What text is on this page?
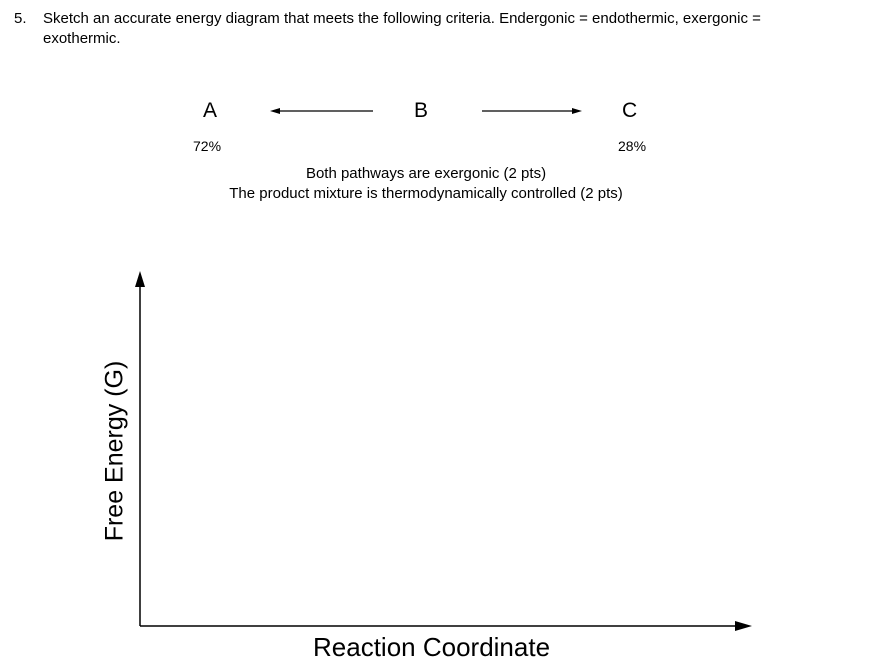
5. Sketch an accurate energy diagram that meets the following criteria. Endergonic = endothermic, exergonic =
exothermic.
A	B	C
72%	28%
Both pathways are exergonic (2 pts)
The product mixture is thermodynamically controlled (2 pts)
Free Energy (G)
Reaction Coordinate
